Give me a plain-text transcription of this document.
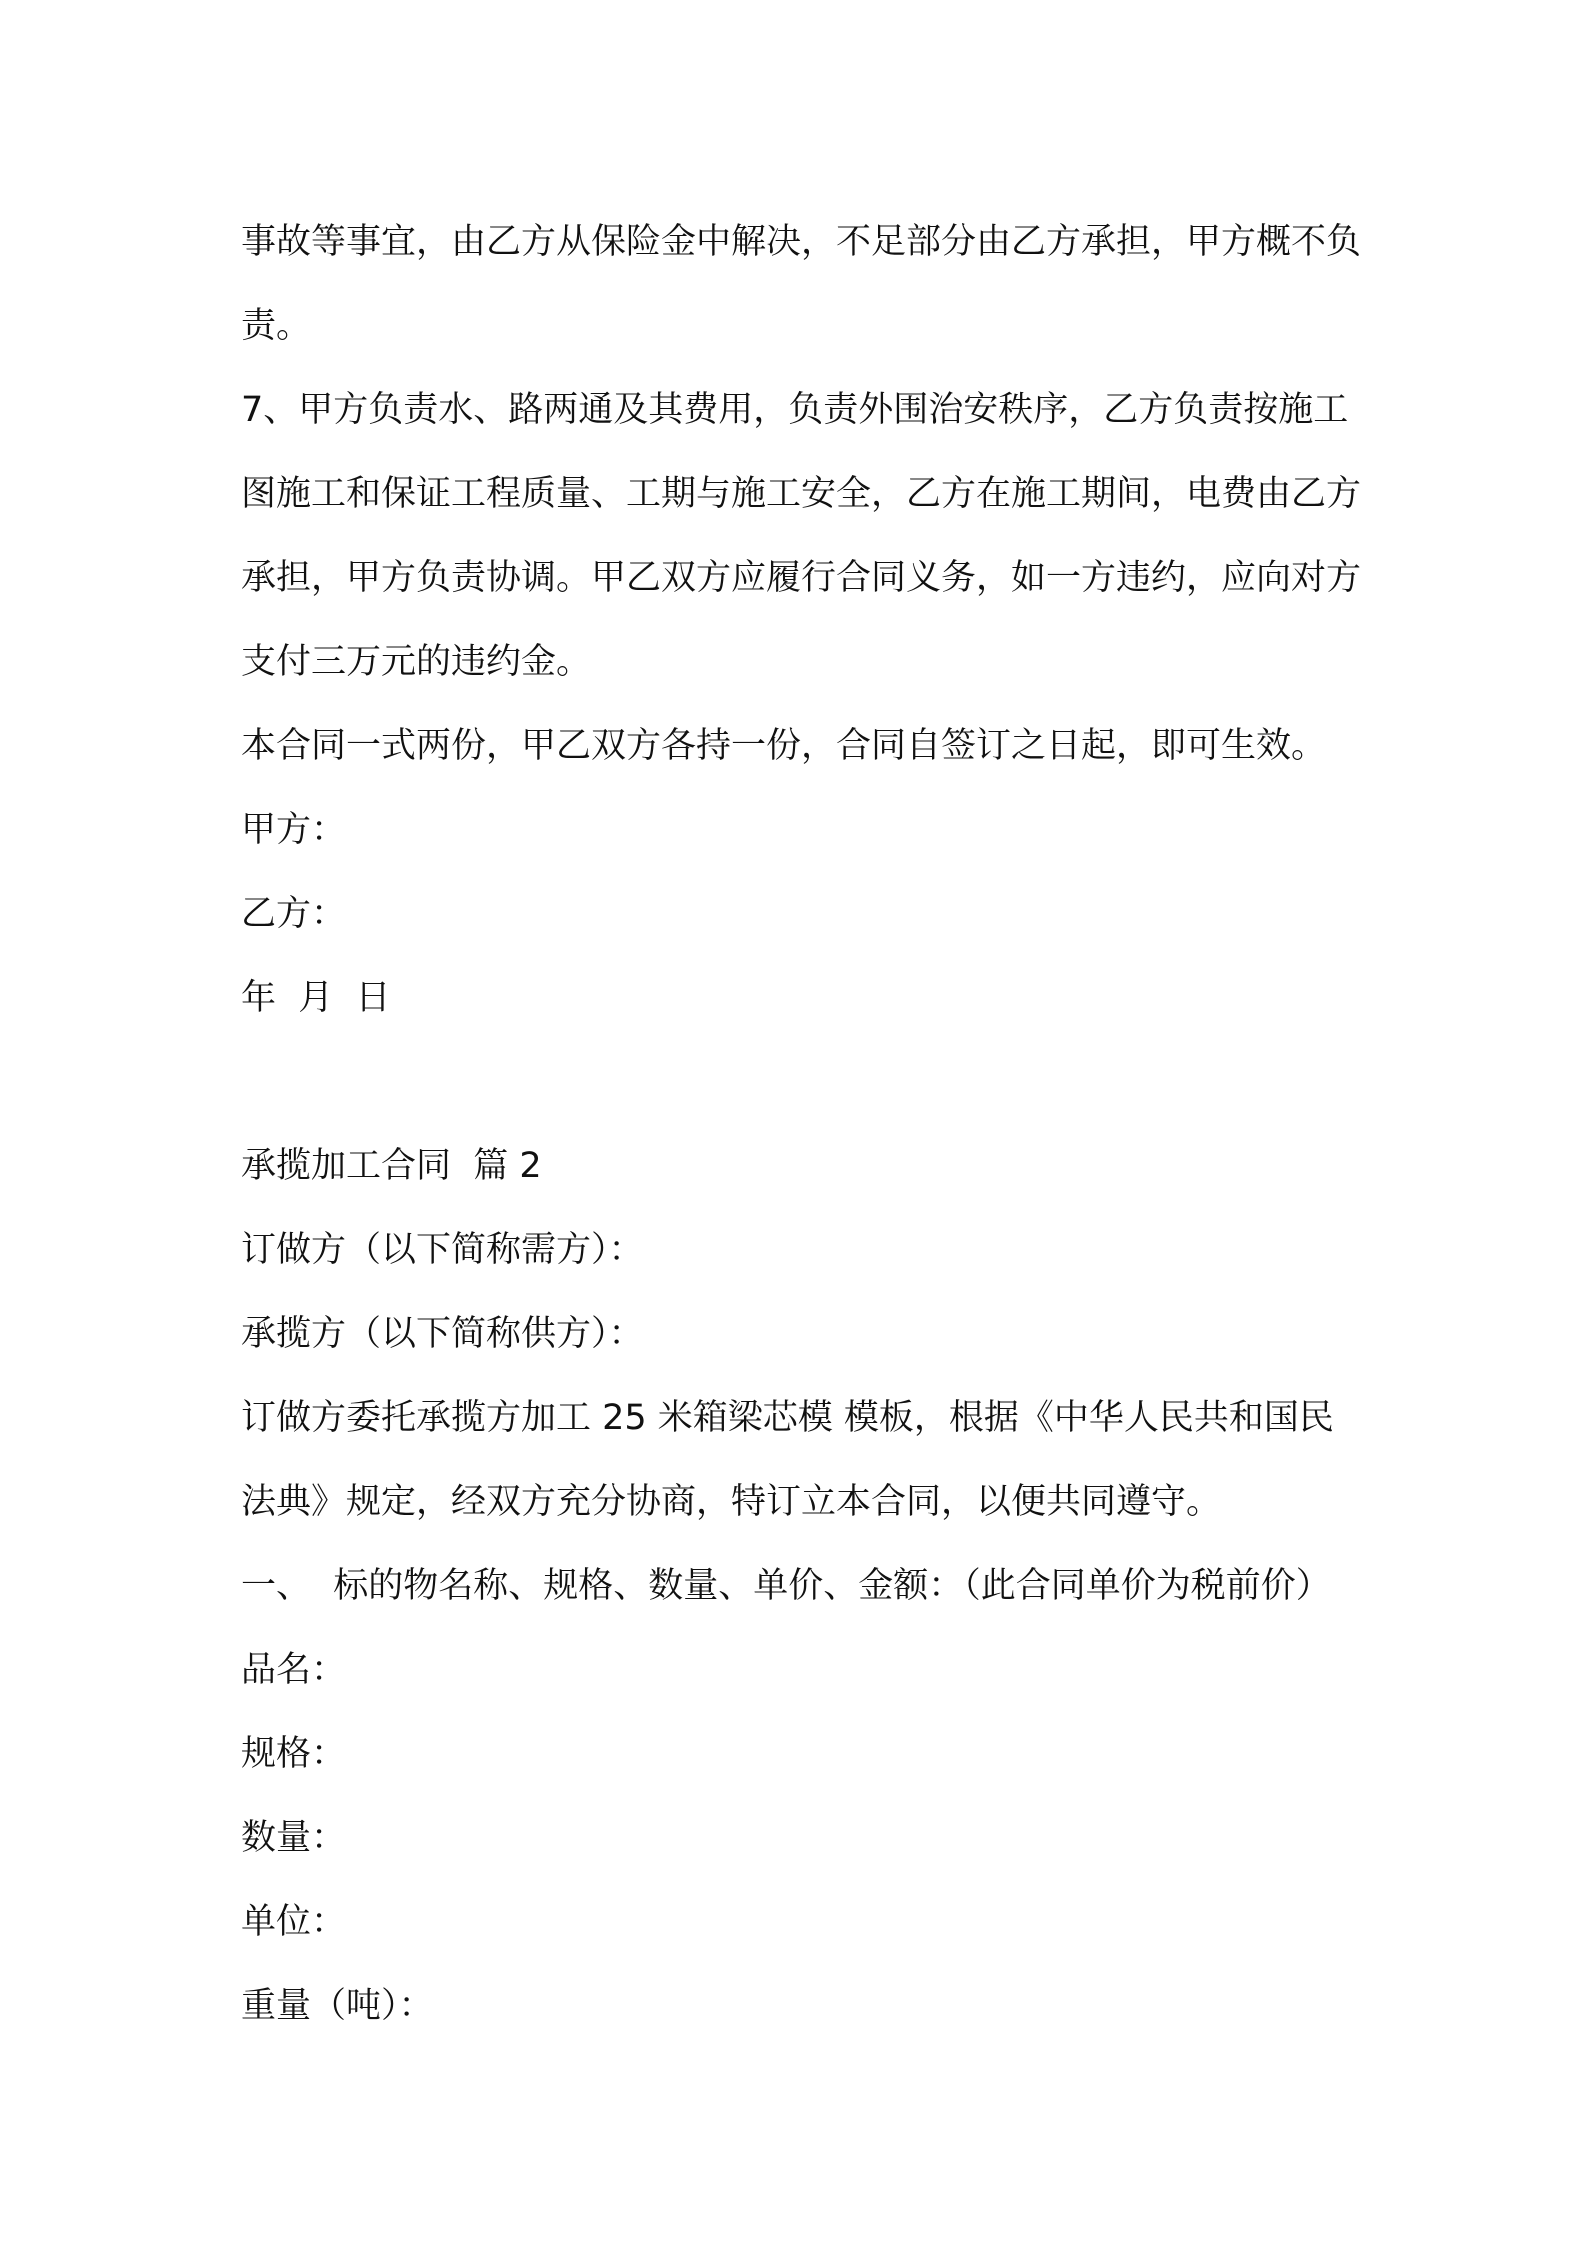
事故等事宜，由乙方从保险金中解决，不足部分由乙方承担，甲方概不负责。

7、甲方负责水、路两通及其费用，负责外围治安秩序，乙方负责按施工图施工和保证工程质量、工期与施工安全，乙方在施工期间，电费由乙方承担，甲方负责协调。甲乙双方应履行合同义务，如一方违约，应向对方支付三万元的违约金。

本合同一式两份，甲乙双方各持一份，合同自签订之日起，即可生效。

甲方：

乙方：

年  月  日

承揽加工合同  篇 2

订做方（以下简称需方）：

承揽方（以下简称供方）：

订做方委托承揽方加工 25 米箱梁芯模 模板，根据《中华人民共和国民法典》规定，经双方充分协商，特订立本合同，以便共同遵守。

一、  标的物名称、规格、数量、单价、金额：（此合同单价为税前价）

品名：

规格：

数量：

单位：

重量（吨）：
